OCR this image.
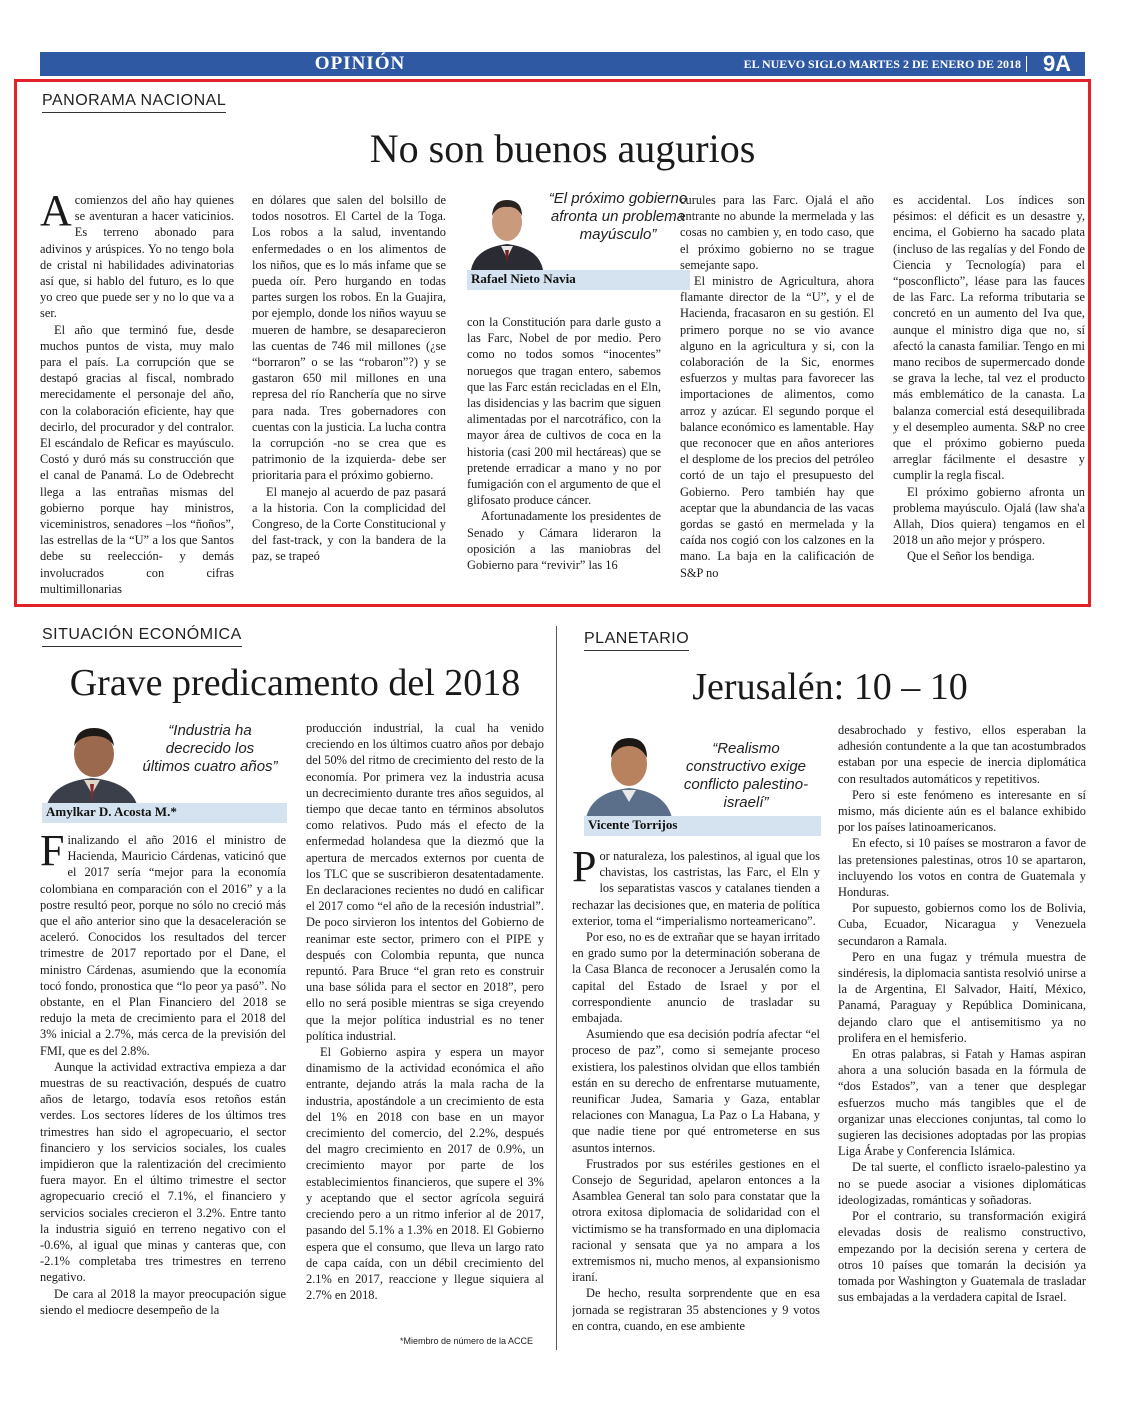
OPINIÓN	EL NUEVO SIGLO MARTES 2 DE ENERO DE 2018 9A
PANORAMA NACIONAL
No son buenos augurios

Acomienzos del año hay quienes se aventuran a hacer vaticinios. Es terreno abonado para adivinos y arúspices. Yo no tengo bola de cristal ni habilidades adivinatorias así que, si hablo del futuro, es lo que yo creo que puede ser y no lo que va a ser.

El año que terminó fue, desde muchos puntos de vista, muy malo para el país. La corrupción que se destapó gracias al fiscal, nombrado merecidamente el personaje del año, con la colaboración eficiente, hay que decirlo, del procurador y del contralor. El escándalo de Reficar es mayúsculo. Costó y duró más su construcción que el canal de Panamá. Lo de Odebrecht llega a las entrañas mismas del gobierno porque hay ministros, viceministros, senadores –los “ñoños”, las estrellas de la “U” a los que Santos debe su reelección- y demás involucrados con cifras multimillonarias

en dólares que salen del bolsillo de todos nosotros. El Cartel de la Toga. Los robos a la salud, inventando enfermedades o en los alimentos de los niños, que es lo más infame que se pueda oír. Pero hurgando en todas partes surgen los robos. En la Guajira, por ejemplo, donde los niños wayuu se mueren de hambre, se desaparecieron las cuentas de 746 mil millones (¿se “borraron” o se las “robaron”?) y se gastaron 650 mil millones en una represa del río Ranchería que no sirve para nada. Tres gobernadores con cuentas con la justicia. La lucha contra la corrupción -no se crea que es patrimonio de la izquierda- debe ser prioritaria para el próximo gobierno.

El manejo al acuerdo de paz pasará a la historia. Con la complicidad del Congreso, de la Corte Constitucional y del fast-track, y con la bandera de la paz, se trapeó

“El próximo gobierno afronta un problema mayúsculo”
Rafael Nieto Navia

con la Constitución para darle gusto a las Farc, Nobel de por medio. Pero como no todos somos “inocentes” noruegos que tragan entero, sabemos que las Farc están recicladas en el Eln, las disidencias y las bacrim que siguen alimentadas por el narcotráfico, con la mayor área de cultivos de coca en la historia (casi 200 mil hectáreas) que se pretende erradicar a mano y no por fumigación con el argumento de que el glifosato produce cáncer.

Afortunadamente los presidentes de Senado y Cámara lideraron la oposición a las maniobras del Gobierno para “revivir” las 16

curules para las Farc. Ojalá el año entrante no abunde la mermelada y las cosas no cambien y, en todo caso, que el próximo gobierno no se trague semejante sapo.

El ministro de Agricultura, ahora flamante director de la “U”, y el de Hacienda, fracasaron en su gestión. El primero porque no se vio avance alguno en la agricultura y si, con la colaboración de la Sic, enormes esfuerzos y multas para favorecer las importaciones de alimentos, como arroz y azúcar. El segundo porque el balance económico es lamentable. Hay que reconocer que en años anteriores el desplome de los precios del petróleo cortó de un tajo el presupuesto del Gobierno. Pero también hay que aceptar que la abundancia de las vacas gordas se gastó en mermelada y la caída nos cogió con los calzones en la mano. La baja en la calificación de S&P no

es accidental. Los índices son pésimos: el déficit es un desastre y, encima, el Gobierno ha sacado plata (incluso de las regalías y del Fondo de Ciencia y Tecnología) para el “posconflicto”, léase para las fauces de las Farc. La reforma tributaria se concretó en un aumento del Iva que, aunque el ministro diga que no, sí afectó la canasta familiar. Tengo en mi mano recibos de supermercado donde se grava la leche, tal vez el producto más emblemático de la canasta. La balanza comercial está desequilibrada y el desempleo aumenta. S&P no cree que el próximo gobierno pueda arreglar fácilmente el desastre y cumplir la regla fiscal.

El próximo gobierno afronta un problema mayúsculo. Ojalá (law sha'a Allah, Dios quiera) tengamos en el 2018 un año mejor y próspero.

Que el Señor los bendiga.

SITUACIÓN ECONÓMICA
Grave predicamento del 2018
“Industria ha decrecido los últimos cuatro años”
Amylkar D. Acosta M.*

Finalizando el año 2016 el ministro de Hacienda, Mauricio Cárdenas, vaticinó que el 2017 sería “mejor para la economía colombiana en comparación con el 2016” y a la postre resultó peor, porque no sólo no creció más que el año anterior sino que la desaceleración se aceleró. Conocidos los resultados del tercer trimestre de 2017 reportado por el Dane, el ministro Cárdenas, asumiendo que la economía tocó fondo, pronostica que “lo peor ya pasó”. No obstante, en el Plan Financiero del 2018 se redujo la meta de crecimiento para el 2018 del 3% inicial a 2.7%, más cerca de la previsión del FMI, que es del 2.8%.

Aunque la actividad extractiva empieza a dar muestras de su reactivación, después de cuatro años de letargo, todavía esos retoños están verdes. Los sectores líderes de los últimos tres trimestres han sido el agropecuario, el sector financiero y los servicios sociales, los cuales impidieron que la ralentización del crecimiento fuera mayor. En el último trimestre el sector agropecuario creció el 7.1%, el financiero y servicios sociales crecieron el 3.2%. Entre tanto la industria siguió en terreno negativo con el -0.6%, al igual que minas y canteras que, con -2.1% completaba tres trimestres en terreno negativo.

De cara al 2018 la mayor preocupación sigue siendo el mediocre desempeño de la

producción industrial, la cual ha venido creciendo en los últimos cuatro años por debajo del 50% del ritmo de crecimiento del resto de la economía. Por primera vez la industria acusa un decrecimiento durante tres años seguidos, al tiempo que decae tanto en términos absolutos como relativos. Pudo más el efecto de la enfermedad holandesa que la diezmó que la apertura de mercados externos por cuenta de los TLC que se suscribieron desatentadamente. En declaraciones recientes no dudó en calificar el 2017 como “el año de la recesión industrial”. De poco sirvieron los intentos del Gobierno de reanimar este sector, primero con el PIPE y después con Colombia repunta, que nunca repuntó. Para Bruce “el gran reto es construir una base sólida para el sector en 2018”, pero ello no será posible mientras se siga creyendo que la mejor política industrial es no tener política industrial.

El Gobierno aspira y espera un mayor dinamismo de la actividad económica el año entrante, dejando atrás la mala racha de la industria, apostándole a un crecimiento de esta del 1% en 2018 con base en un mayor crecimiento del comercio, del 2.2%, después del magro crecimiento en 2017 de 0.9%, un crecimiento mayor por parte de los establecimientos financieros, que supere el 3% y aceptando que el sector agrícola seguirá creciendo pero a un ritmo inferior al de 2017, pasando del 5.1% a 1.3% en 2018. El Gobierno espera que el consumo, que lleva un largo rato de capa caída, con un débil crecimiento del 2.1% en 2017, reaccione y llegue siquiera al 2.7% en 2018.

*Miembro de número de la ACCE
PLANETARIO
Jerusalén: 10 – 10
“Realismo constructivo exige conflicto palestino-israelí”
Vicente Torrijos

Por naturaleza, los palestinos, al igual que los chavistas, los castristas, las Farc, el Eln y los separatistas vascos y catalanes tienden a rechazar las decisiones que, en materia de política exterior, toma el “imperialismo norteamericano”.

Por eso, no es de extrañar que se hayan irritado en grado sumo por la determinación soberana de la Casa Blanca de reconocer a Jerusalén como la capital del Estado de Israel y por el correspondiente anuncio de trasladar su embajada.

Asumiendo que esa decisión podría afectar “el proceso de paz”, como si semejante proceso existiera, los palestinos olvidan que ellos también están en su derecho de enfrentarse mutuamente, reunificar Judea, Samaria y Gaza, entablar relaciones con Managua, La Paz o La Habana, y que nadie tiene por qué entrometerse en sus asuntos internos.

Frustrados por sus estériles gestiones en el Consejo de Seguridad, apelaron entonces a la Asamblea General tan solo para constatar que la otrora exitosa diplomacia de solidaridad con el victimismo se ha transformado en una diplomacia racional y sensata que ya no ampara a los extremismos ni, mucho menos, al expansionismo iraní.

De hecho, resulta sorprendente que en esa jornada se registraran 35 abstenciones y 9 votos en contra, cuando, en ese ambiente

desabrochado y festivo, ellos esperaban la adhesión contundente a la que tan acostumbrados estaban por una especie de inercia diplomática con resultados automáticos y repetitivos.

Pero si este fenómeno es interesante en sí mismo, más diciente aún es el balance exhibido por los países latinoamericanos.

En efecto, si 10 países se mostraron a favor de las pretensiones palestinas, otros 10 se apartaron, incluyendo los votos en contra de Guatemala y Honduras.

Por supuesto, gobiernos como los de Bolivia, Cuba, Ecuador, Nicaragua y Venezuela secundaron a Ramala.

Pero en una fugaz y trémula muestra de sindéresis, la diplomacia santista resolvió unirse a la de Argentina, El Salvador, Haití, México, Panamá, Paraguay y República Dominicana, dejando claro que el antisemitismo ya no prolifera en el hemisferio.

En otras palabras, si Fatah y Hamas aspiran ahora a una solución basada en la fórmula de “dos Estados”, van a tener que desplegar esfuerzos mucho más tangibles que el de organizar unas elecciones conjuntas, tal como lo sugieren las decisiones adoptadas por las propias Liga Árabe y Conferencia Islámica.

De tal suerte, el conflicto israelo-palestino ya no se puede asociar a visiones diplomáticas ideologizadas, románticas y soñadoras.

Por el contrario, su transformación exigirá elevadas dosis de realismo constructivo, empezando por la decisión serena y certera de otros 10 países que tomarán la decisión ya tomada por Washington y Guatemala de trasladar sus embajadas a la verdadera capital de Israel.
